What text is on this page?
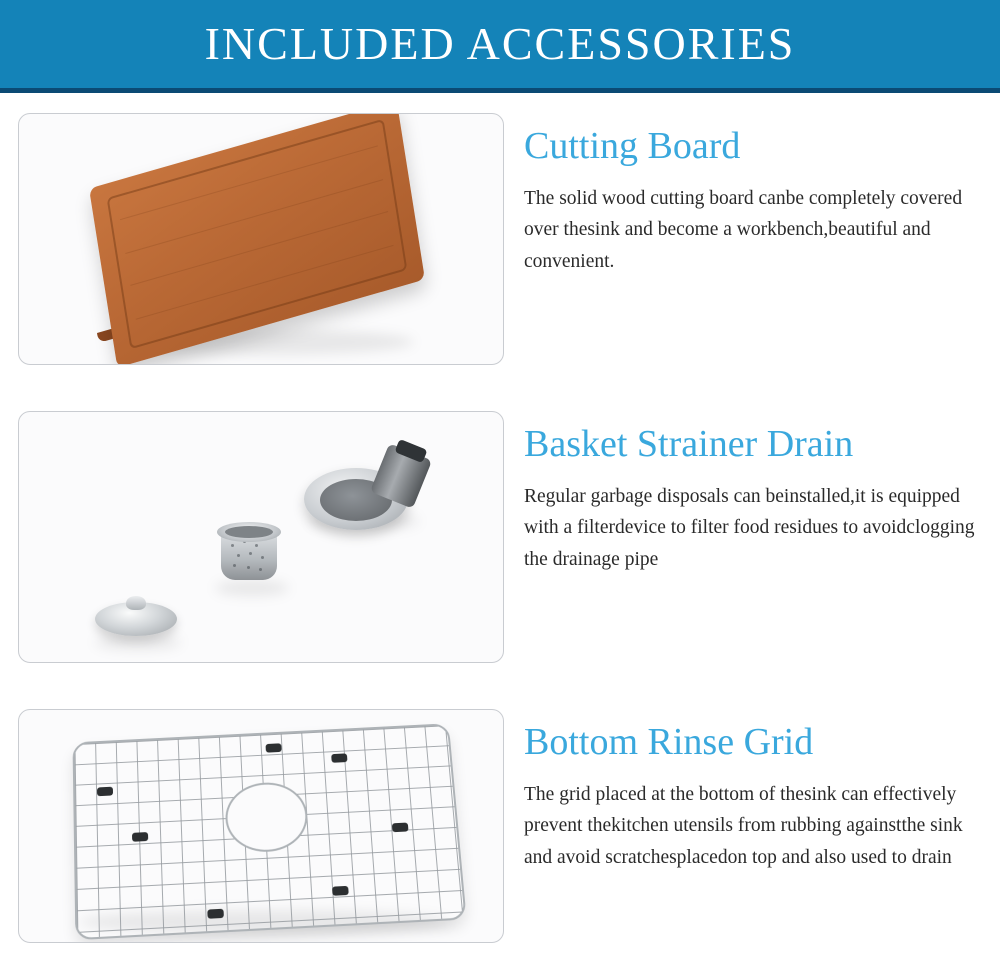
INCLUDED ACCESSORIES
Cutting Board

The solid wood cutting board canbe completely covered over thesink and become a workbench,beautiful and convenient.

Basket Strainer Drain

Regular garbage disposals can beinstalled,it is equipped with a filterdevice to filter food residues to avoidclogging the drainage pipe

Bottom Rinse Grid

The grid placed at the bottom of thesink can effectively prevent thekitchen utensils from rubbing againstthe sink and avoid scratchesplacedon top and also used to drain
